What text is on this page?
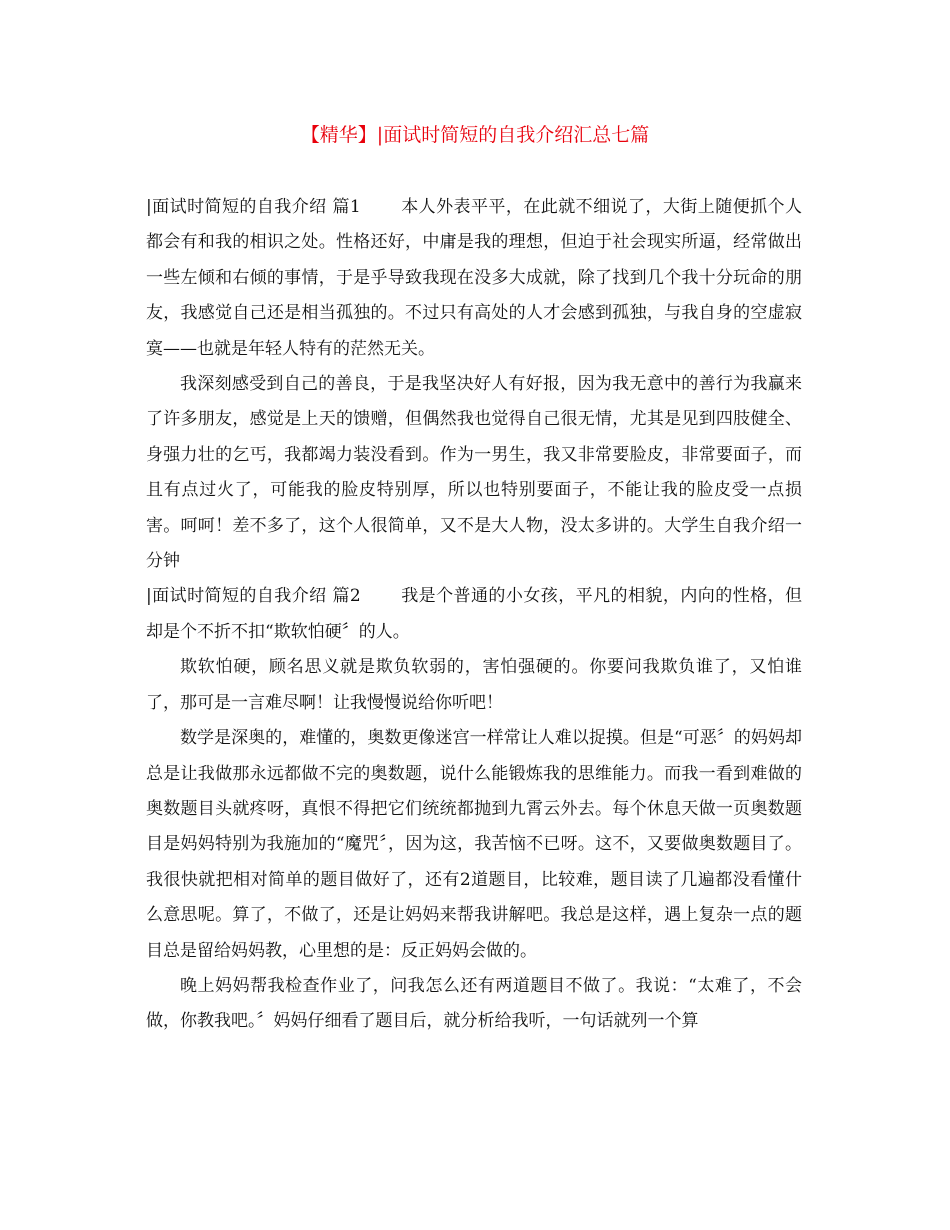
【精华】|面试时简短的自我介绍汇总七篇

|面试时简短的自我介绍 篇1 本人外表平平，在此就不细说了，大街上随便抓个人都会有和我的相识之处。性格还好，中庸是我的理想，但迫于社会现实所逼，经常做出一些左倾和右倾的事情，于是乎导致我现在没多大成就，除了找到几个我十分玩命的朋友，我感觉自己还是相当孤独的。不过只有高处的人才会感到孤独，与我自身的空虚寂寞——也就是年轻人特有的茫然无关。

我深刻感受到自己的善良，于是我坚决好人有好报，因为我无意中的善行为我赢来了许多朋友，感觉是上天的馈赠，但偶然我也觉得自己很无情，尤其是见到四肢健全、身强力壮的乞丐，我都竭力装没看到。作为一男生，我又非常要脸皮，非常要面子，而且有点过火了，可能我的脸皮特别厚，所以也特别要面子，不能让我的脸皮受一点损害。呵呵！差不多了，这个人很简单，又不是大人物，没太多讲的。大学生自我介绍一分钟

|面试时简短的自我介绍 篇2 我是个普通的小女孩，平凡的相貌，内向的性格，但却是个不折不扣“欺软怕硬〞的人。

欺软怕硬，顾名思义就是欺负软弱的，害怕强硬的。你要问我欺负谁了，又怕谁了，那可是一言难尽啊！让我慢慢说给你听吧！

数学是深奥的，难懂的，奥数更像迷宫一样常让人难以捉摸。但是“可恶〞的妈妈却总是让我做那永远都做不完的奥数题，说什么能锻炼我的思维能力。而我一看到难做的奥数题目头就疼呀，真恨不得把它们统统都抛到九霄云外去。每个休息天做一页奥数题目是妈妈特别为我施加的“魔咒〞，因为这，我苦恼不已呀。这不，又要做奥数题目了。我很快就把相对简单的题目做好了，还有2道题目，比较难，题目读了几遍都没看懂什么意思呢。算了，不做了，还是让妈妈来帮我讲解吧。我总是这样，遇上复杂一点的题目总是留给妈妈教，心里想的是：反正妈妈会做的。

晚上妈妈帮我检查作业了，问我怎么还有两道题目不做了。我说：“太难了，不会做，你教我吧。〞妈妈仔细看了题目后，就分析给我听，一句话就列一个算
